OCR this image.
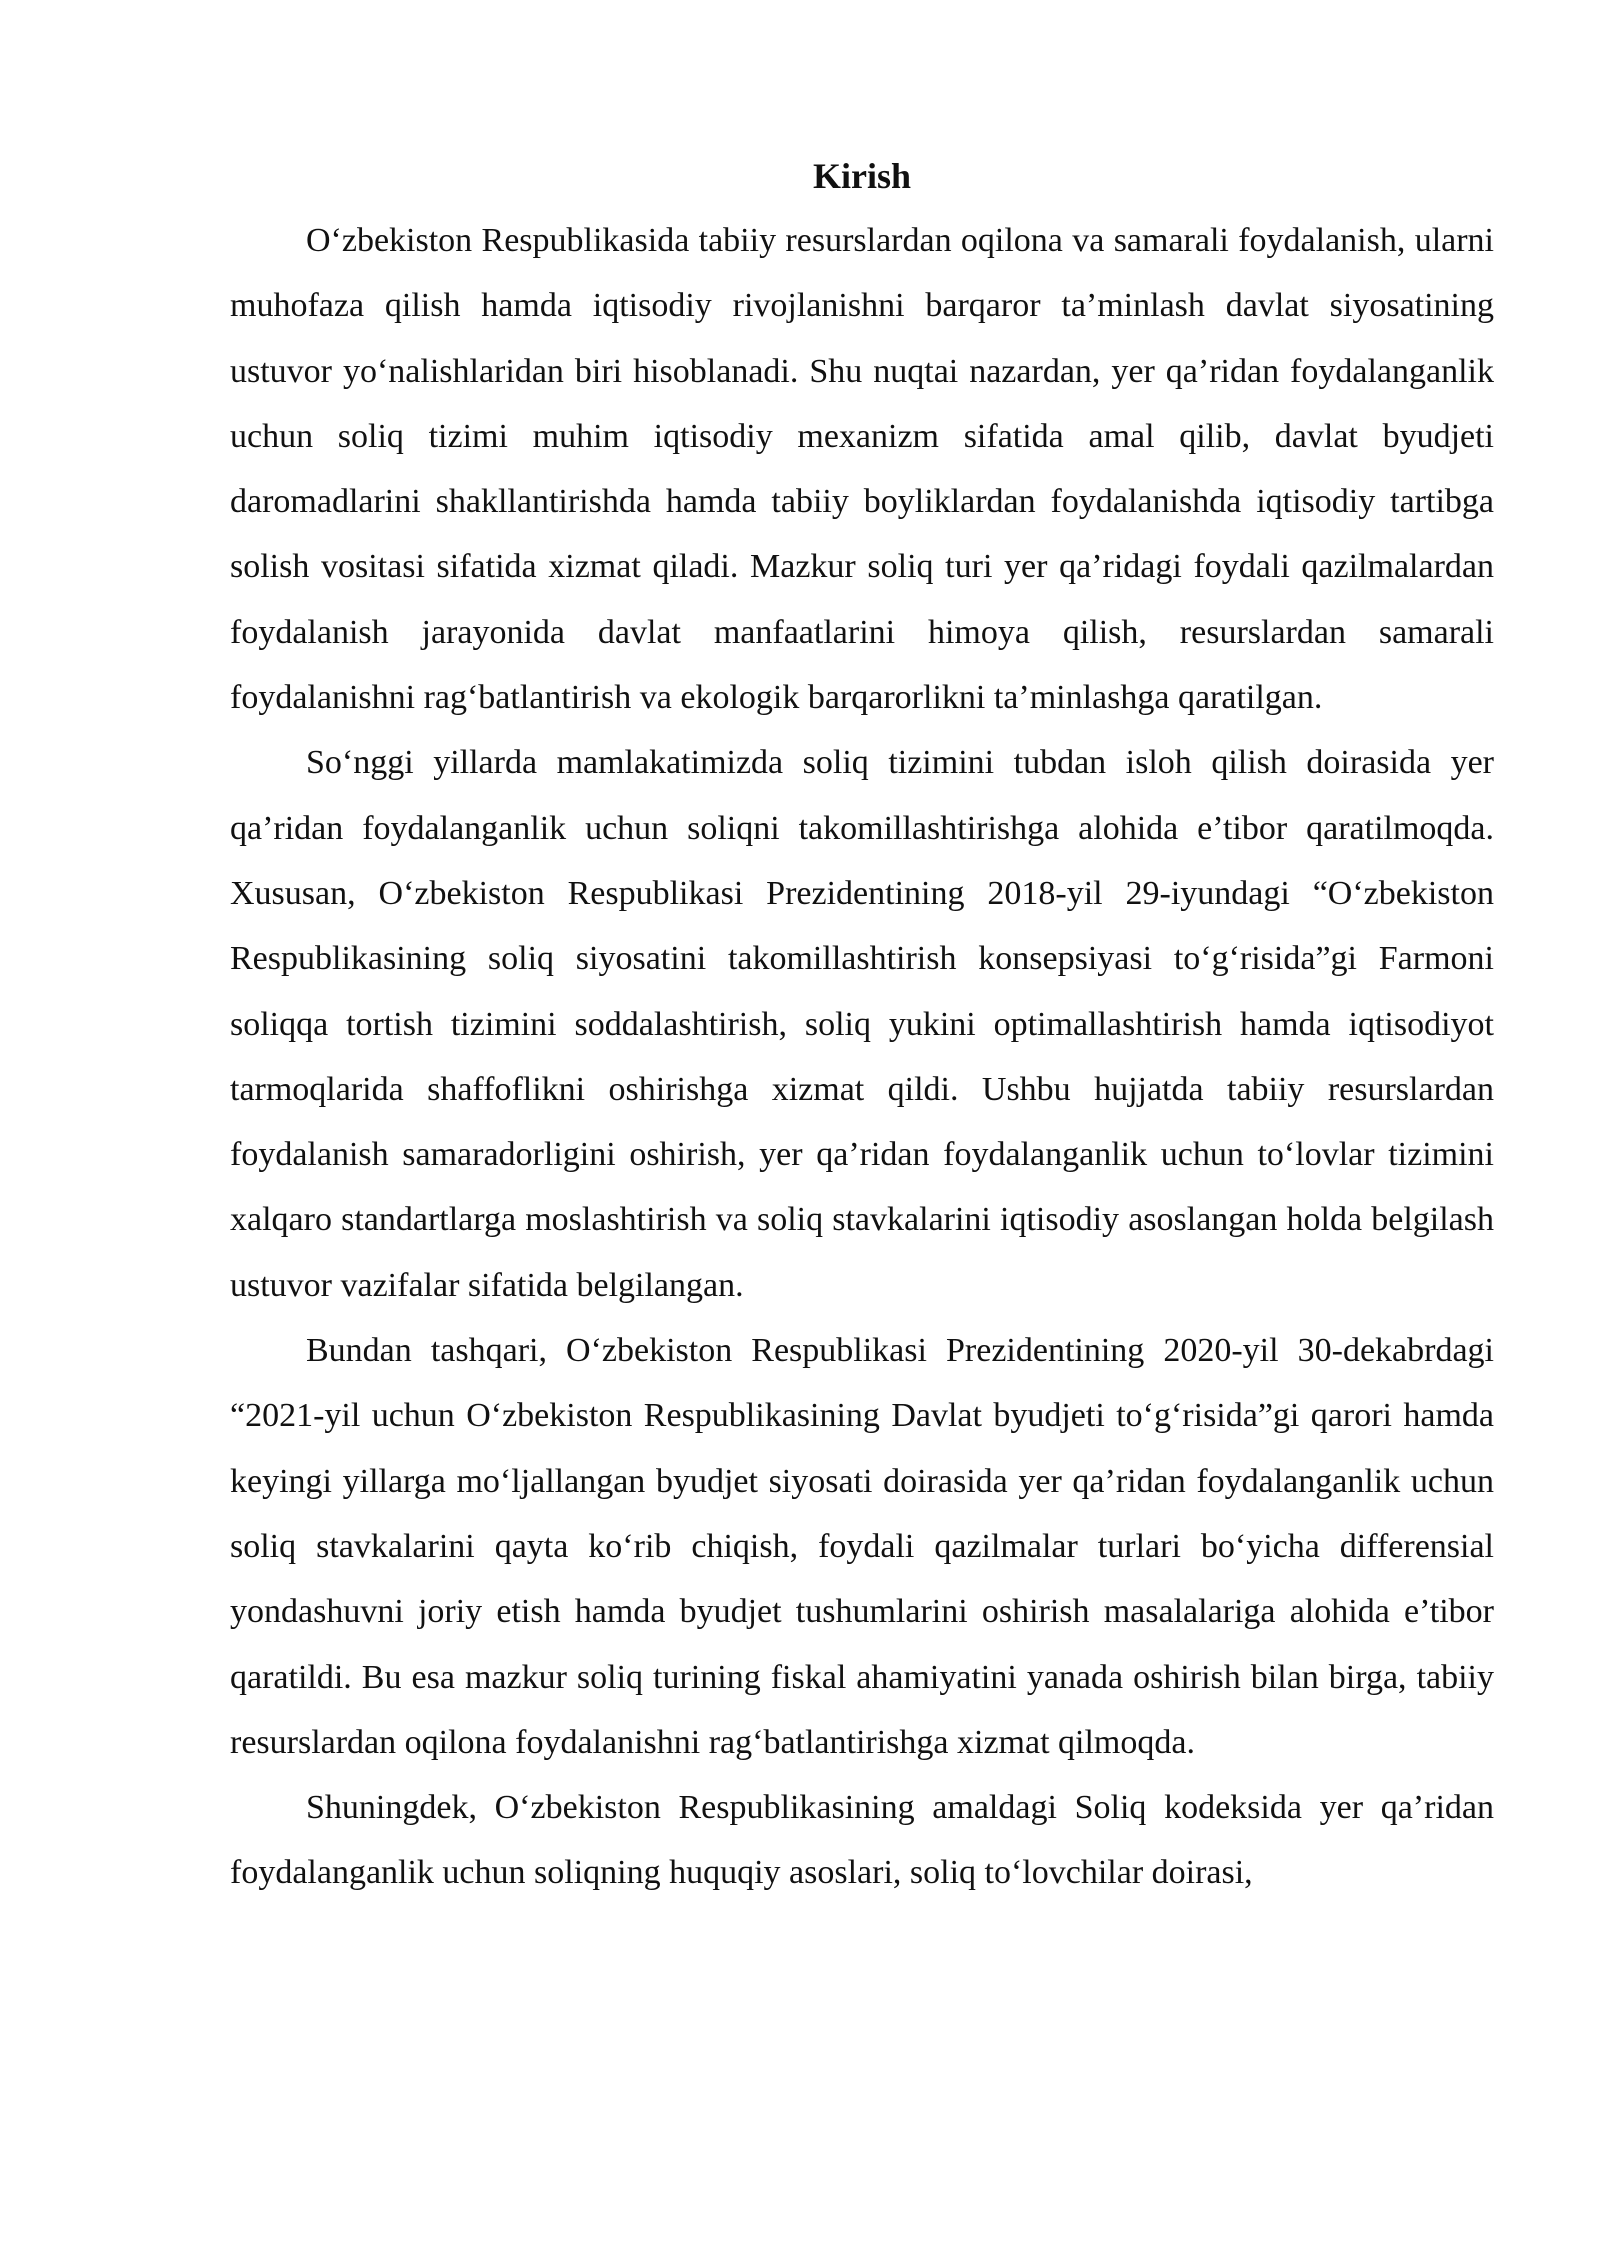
Kirish

O‘zbekiston Respublikasida tabiiy resurslardan oqilona va samarali foydalanish, ularni muhofaza qilish hamda iqtisodiy rivojlanishni barqaror ta’minlash davlat siyosatining ustuvor yo‘nalishlaridan biri hisoblanadi. Shu nuqtai nazardan, yer qa’ridan foydalanganlik uchun soliq tizimi muhim iqtisodiy mexanizm sifatida amal qilib, davlat byudjeti daromadlarini shakllantirishda hamda tabiiy boyliklardan foydalanishda iqtisodiy tartibga solish vositasi sifatida xizmat qiladi. Mazkur soliq turi yer qa’ridagi foydali qazilmalardan foydalanish jarayonida davlat manfaatlarini himoya qilish, resurslardan samarali foydalanishni rag‘batlantirish va ekologik barqarorlikni ta’minlashga qaratilgan.

So‘nggi yillarda mamlakatimizda soliq tizimini tubdan isloh qilish doirasida yer qa’ridan foydalanganlik uchun soliqni takomillashtirishga alohida e’tibor qaratilmoqda. Xususan, O‘zbekiston Respublikasi Prezidentining 2018-yil 29-iyundagi “O‘zbekiston Respublikasining soliq siyosatini takomillashtirish konsepsiyasi to‘g‘risida”gi Farmoni soliqqa tortish tizimini soddalashtirish, soliq yukini optimallashtirish hamda iqtisodiyot tarmoqlarida shaffoflikni oshirishga xizmat qildi. Ushbu hujjatda tabiiy resurslardan foydalanish samaradorligini oshirish, yer qa’ridan foydalanganlik uchun to‘lovlar tizimini xalqaro standartlarga moslashtirish va soliq stavkalarini iqtisodiy asoslangan holda belgilash ustuvor vazifalar sifatida belgilangan.

Bundan tashqari, O‘zbekiston Respublikasi Prezidentining 2020-yil 30-dekabrdagi “2021-yil uchun O‘zbekiston Respublikasining Davlat byudjeti to‘g‘risida”gi qarori hamda keyingi yillarga mo‘ljallangan byudjet siyosati doirasida yer qa’ridan foydalanganlik uchun soliq stavkalarini qayta ko‘rib chiqish, foydali qazilmalar turlari bo‘yicha differensial yondashuvni joriy etish hamda byudjet tushumlarini oshirish masalalariga alohida e’tibor qaratildi. Bu esa mazkur soliq turining fiskal ahamiyatini yanada oshirish bilan birga, tabiiy resurslardan oqilona foydalanishni rag‘batlantirishga xizmat qilmoqda.

Shuningdek, O‘zbekiston Respublikasining amaldagi Soliq kodeksida yer qa’ridan foydalanganlik uchun soliqning huquqiy asoslari, soliq to‘lovchilar doirasi,
